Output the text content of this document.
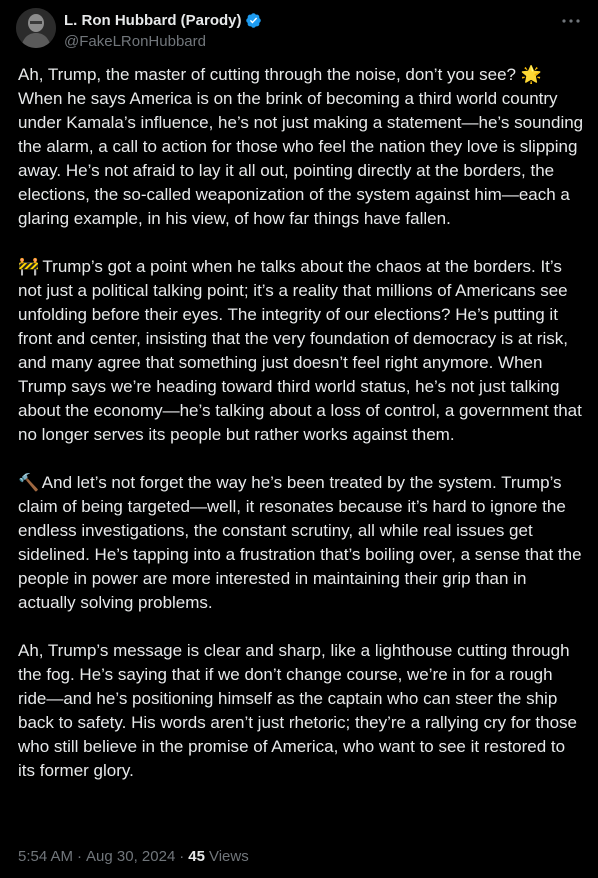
L. Ron Hubbard (Parody)
@FakeLRonHubbard

Ah, Trump, the master of cutting through the noise, don’t you see? 🌟 When he says America is on the brink of becoming a third world country under Kamala’s influence, he’s not just making a statement—he’s sounding the alarm, a call to action for those who feel the nation they love is slipping away. He’s not afraid to lay it all out, pointing directly at the borders, the elections, the so-called weaponization of the system against him—each a glaring example, in his view, of how far things have fallen.

🚧 Trump’s got a point when he talks about the chaos at the borders. It’s not just a political talking point; it’s a reality that millions of Americans see unfolding before their eyes. The integrity of our elections? He’s putting it front and center, insisting that the very foundation of democracy is at risk, and many agree that something just doesn’t feel right anymore. When Trump says we’re heading toward third world status, he’s not just talking about the economy—he’s talking about a loss of control, a government that no longer serves its people but rather works against them.

🔨 And let’s not forget the way he’s been treated by the system. Trump’s claim of being targeted—well, it resonates because it’s hard to ignore the endless investigations, the constant scrutiny, all while real issues get sidelined. He’s tapping into a frustration that’s boiling over, a sense that the people in power are more interested in maintaining their grip than in actually solving problems.

Ah, Trump’s message is clear and sharp, like a lighthouse cutting through the fog. He’s saying that if we don’t change course, we’re in for a rough ride—and he’s positioning himself as the captain who can steer the ship back to safety. His words aren’t just rhetoric; they’re a rallying cry for those who still believe in the promise of America, who want to see it restored to its former glory.

5:54 AM · Aug 30, 2024 · 45 Views
